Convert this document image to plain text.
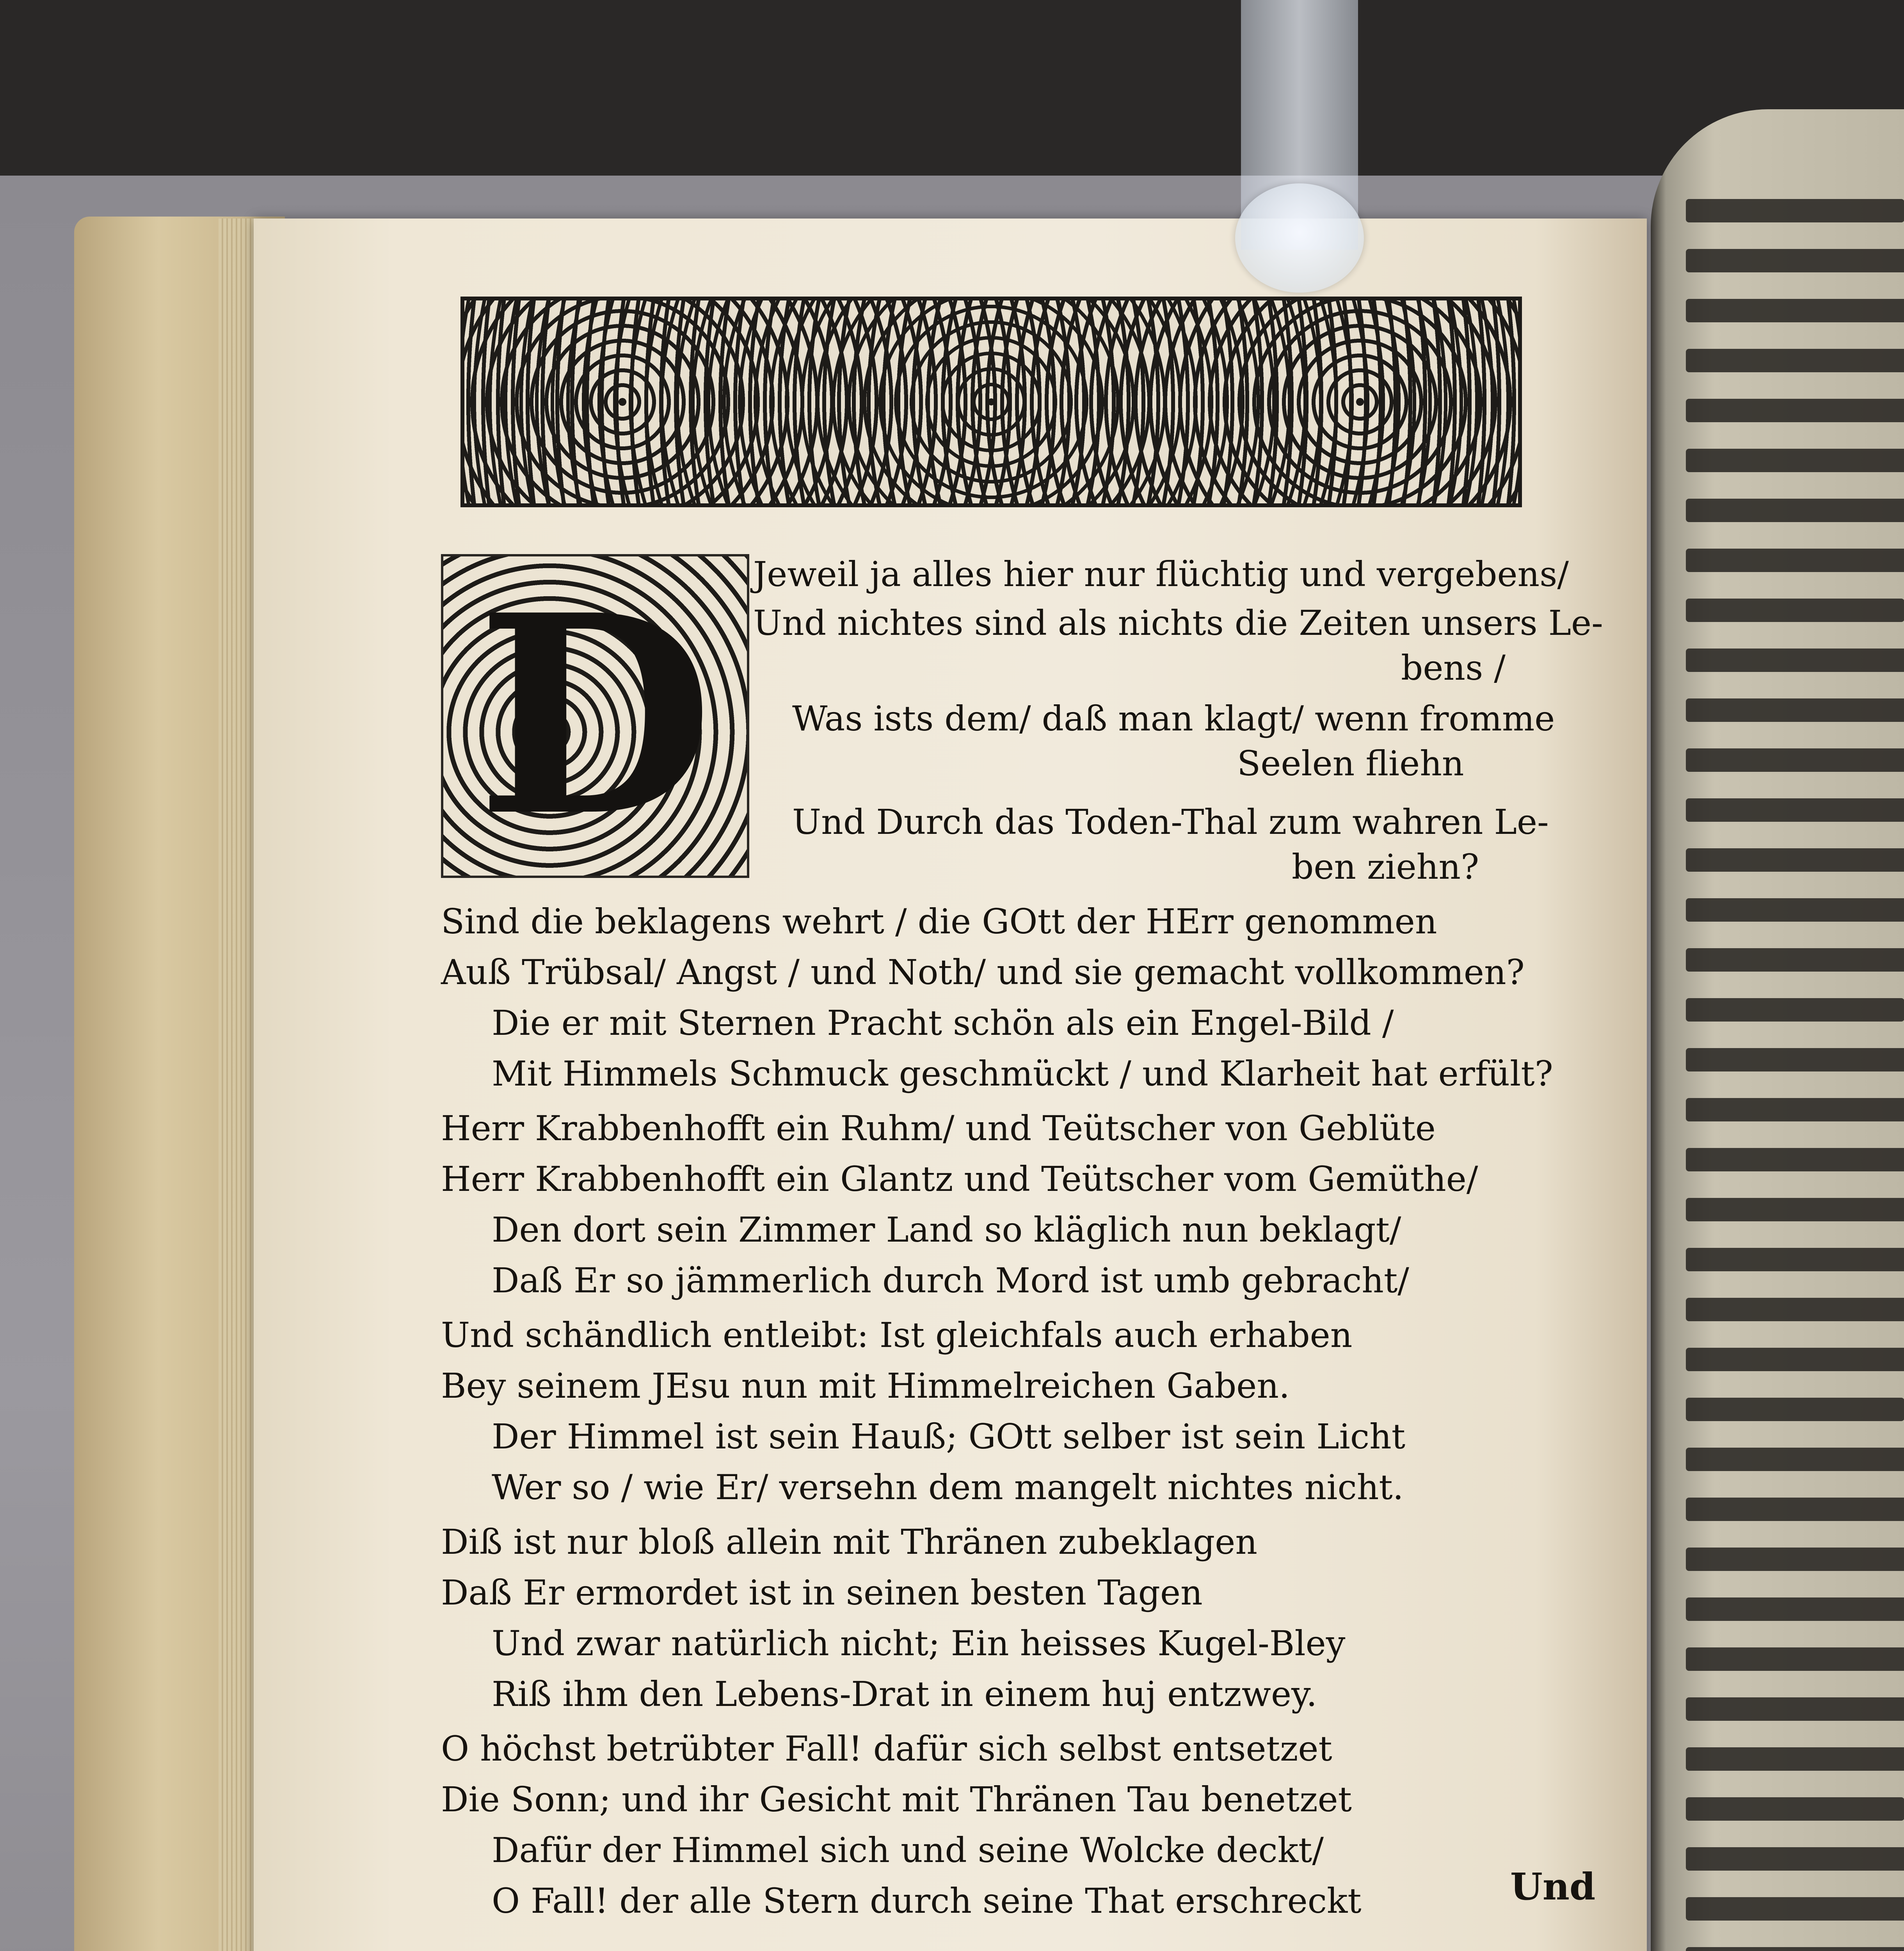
D Jeweil ja alles hier nur flüchtig und vergebens/
Und nichtes sind als nichts die Zeiten unsers Le-
bens /
Was ists dem/ daß man klagt/ wenn fromme
Seelen fliehn
Und Durch das Toden-Thal zum wahren Le-
ben ziehn?
Sind die beklagens wehrt / die GOtt der HErr genommen
Auß Trübsal/ Angst / und Noth/ und sie gemacht vollkommen?
Die er mit Sternen Pracht schön als ein Engel-Bild /
Mit Himmels Schmuck geschmückt / und Klarheit hat erfült?
Herr Krabbenhofft ein Ruhm/ und Teütscher von Geblüte
Herr Krabbenhofft ein Glantz und Teütscher vom Gemüthe/
Den dort sein Zimmer Land so kläglich nun beklagt/
Daß Er so jämmerlich durch Mord ist umb gebracht/
Und schändlich entleibt: Ist gleichfals auch erhaben
Bey seinem JEsu nun mit Himmelreichen Gaben.
Der Himmel ist sein Hauß; GOtt selber ist sein Licht
Wer so / wie Er/ versehn dem mangelt nichtes nicht.
Diß ist nur bloß allein mit Thränen zubeklagen
Daß Er ermordet ist in seinen besten Tagen
Und zwar natürlich nicht; Ein heisses Kugel-Bley
Riß ihm den Lebens-Drat in einem huj entzwey.
O höchst betrübter Fall! dafür sich selbst entsetzet
Die Sonn; und ihr Gesicht mit Thränen Tau benetzet
Dafür der Himmel sich und seine Wolcke deckt/
O Fall! der alle Stern durch seine That erschreckt	Und
